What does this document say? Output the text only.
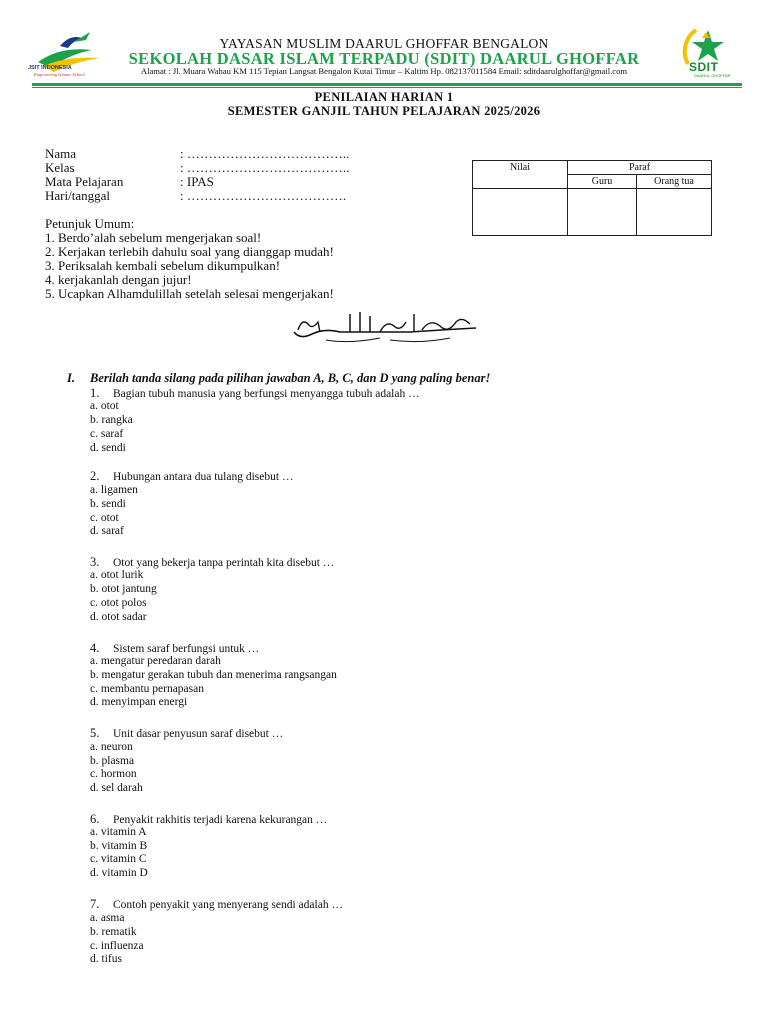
JSIT INDONESIA
Empowering Islamic School
SDIT
DAARUL GHOFFAR
YAYASAN MUSLIM DAARUL GHOFFAR BENGALON
SEKOLAH DASAR ISLAM TERPADU (SDIT) DAARUL GHOFFAR
Alamat : Jl. Muara Wahau KM 115 Tepian Langsat Bengalon Kutai Timur – Kaltim Hp. 082137011584 Email: sditdaarulghoffar@gmail.com
PENILAIAN HARIAN 1
SEMESTER GANJIL TAHUN PELAJARAN 2025/2026
Nama	: ………………………………..
Kelas	: ………………………………..
Mata Pelajaran	: IPAS
Hari/tanggal	: ……………………………….
Nilai	Paraf	
	Guru	Orang tua

Petunjuk Umum:
1. Berdo’alah sebelum mengerjakan soal!
2. Kerjakan terlebih dahulu soal yang dianggap mudah!
3. Periksalah kembali sebelum dikumpulkan!
4. kerjakanlah dengan jujur!
5. Ucapkan Alhamdulillah setelah selesai mengerjakan!
I. Berilah tanda silang pada pilihan jawaban A, B, C, dan D yang paling benar!
1. Bagian tubuh manusia yang berfungsi menyangga tubuh adalah …
a. otot
b. rangka
c. saraf
d. sendi
2. Hubungan antara dua tulang disebut …
a. ligamen
b. sendi
c. otot
d. saraf
3. Otot yang bekerja tanpa perintah kita disebut …
a. otot lurik
b. otot jantung
c. otot polos
d. otot sadar
4. Sistem saraf berfungsi untuk …
a. mengatur peredaran darah
b. mengatur gerakan tubuh dan menerima rangsangan
c. membantu pernapasan
d. menyimpan energi
5. Unit dasar penyusun saraf disebut …
a. neuron
b. plasma
c. hormon
d. sel darah
6. Penyakit rakhitis terjadi karena kekurangan …
a. vitamin A
b. vitamin B
c. vitamin C
d. vitamin D
7. Contoh penyakit yang menyerang sendi adalah …
a. asma
b. rematik
c. influenza
d. tifus
